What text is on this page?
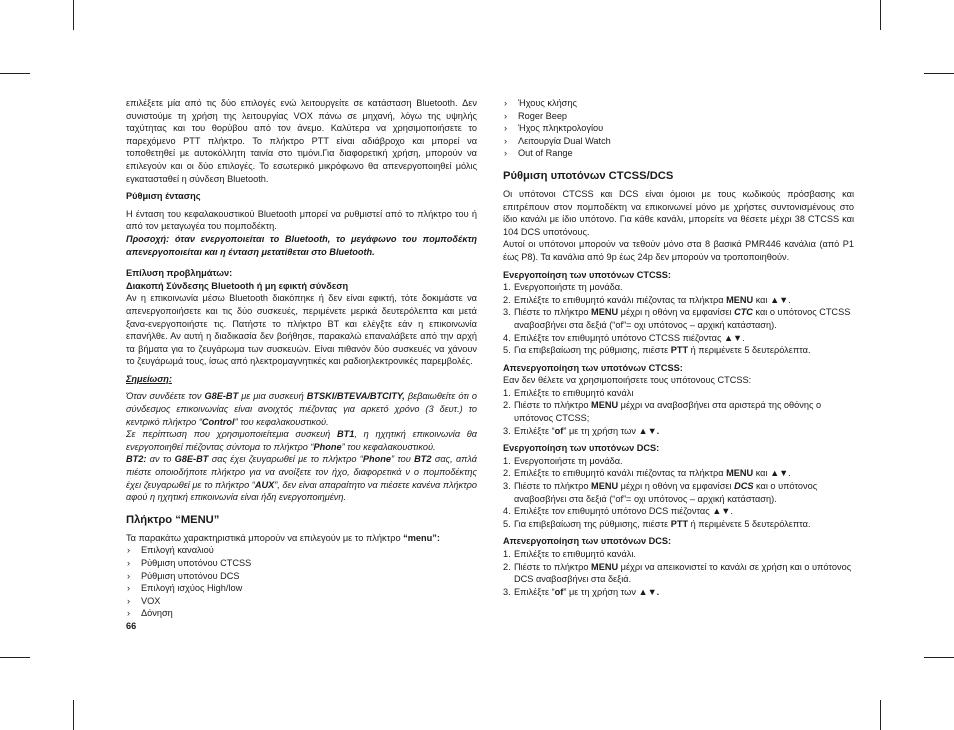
επιλέξετε μία από τις δύο επιλογές ενώ λειτουργείτε σε κατάσταση Bluetooth. Δεν συνιστούμε τη χρήση της λειτουργίας VOX πάνω σε μηχανή, λόγω της υψηλής ταχύτητας και του θορύβου από τον άνεμο. Καλύτερα να χρησιμοποιήσετε το παρεχόμενο PTT πλήκτρο. Το πλήκτρο PTT είναι αδιάβροχο και μπορεί να τοποθετηθεί με αυτοκόλλητη ταινία στο τιμόνι.Για διαφορετική χρήση, μπορούν να επιλεγούν και οι δύο επιλογές. Το εσωτερικό μικρόφωνο θα απενεργοποιηθεί μόλις εγκατασταθεί η σύνδεση Bluetooth.

Ρύθμιση έντασης

Η ένταση του κεφαλακουστικού Bluetooth μπορεί να ρυθμιστεί από το πλήκτρο του ή από τον μεταγωγέα του πομποδέκτη.

Προσοχή: όταν ενεργοποιείται το Bluetooth, το μεγάφωνο του πομποδέκτη απενεργοποιείται και η ένταση μετατίθεται στο Bluetooth.

Επίλυση προβλημάτων:

Διακοπή Σύνδεσης Bluetooth ή μη εφικτή σύνδεση

Αν η επικοινωνία μέσω Bluetooth διακόπηκε ή δεν είναι εφικτή, τότε δοκιμάστε να απενεργοποιήσετε και τις δύο συσκευές, περιμένετε μερικά δευτερόλεπτα και μετά ξανα-ενεργοποιήστε τις. Πατήστε το πλήκτρο BT και ελέγξτε εάν η επικοινωνία επανήλθε. Αν αυτή η διαδικασία δεν βοήθησε, παρακαλώ επαναλάβετε από την αρχή τα βήματα για το ζευγάρωμα των συσκευών. Είναι πιθανόν δύο συσκευές να χάνουν το ζευγάρωμά τους, ίσως από ηλεκτρομαγνητικές και ραδιοηλεκτρονικές παρεμβολές.

Σημείωση:

Όταν συνδέετε τον G8E-BT με μια συσκευή BTSKI/BTEVA/BTCITY, βεβαιωθείτε ότι ο σύνδεσμος επικοινωνίας είναι ανοιχτός πιέζοντας για αρκετό χρόνο (3 δευτ.) το κεντρικό πλήκτρο “Control” του κεφαλακουστικού.

Σε περίπτωση που χρησιμοποιείτεμια συσκευή BT1, η ηχητική επικοινωνία θα ενεργοποιηθεί πιέζοντας σύντομα το πλήκτρο “Phone” του κεφαλακουστικού.

BT2: αν το G8E-BT σας έχει ζευγαρωθεί με το πλήκτρο “Phone” του BT2 σας, απλά πιέστε οποιοδήποτε πλήκτρο για να ανοίξετε τον ήχο, διαφορετικά ν ο πομποδέκτης έχει ζευγαρωθεί με το πλήκτρο “AUX”, δεν είναι απαραίτητο να πιέσετε κανένα πλήκτρο αφού η ηχητική επικοινωνία είναι ήδη ενεργοποιημένη.

Πλήκτρο “MENU”

Τα παρακάτω χαρακτηριστικά μπορούν να επιλεγούν με το πλήκτρο “menu”:

› Επιλογή καναλιού
› Ρύθμιση υποτόνου CTCSS
› Ρύθμιση υποτόνου DCS
› Επιλογή ισχύος High/low
› VOX
› Δόνηση

66

› Ήχους κλήσης
› Roger Beep
› Ήχος πληκτρολογίου
› Λειτουργία Dual Watch
› Out of Range

Ρύθμιση υποτόνων CTCSS/DCS

Οι υπότονοι CTCSS και DCS είναι όμοιοι με τους κωδικούς πρόσβασης και επιτρέπουν στον πομποδέκτη να επικοινωνεί μόνο με χρήστες συντονισμένους στο ίδιο κανάλι με ίδιο υπότονο. Για κάθε κανάλι, μπορείτε να θέσετε μέχρι 38 CTCSS και 104 DCS υποτόνους.

Αυτοί οι υπότονοι μπορούν να τεθούν μόνο στα 8 βασικά PMR446 κανάλια (από P1 έως P8). Τα κανάλια από 9p έως 24p δεν μπορούν να τροποποιηθούν.

Ενεργοποίηση των υποτόνων CTCSS:

1. Ενεργοποιήστε τη μονάδα.
2. Επιλέξτε το επιθυμητό κανάλι πιέζοντας τα πλήκτρα MENU και ▲▼.
3. Πιέστε το πλήκτρο MENU μέχρι η οθόνη να εμφανίσει CTC και ο υπότονος CTCSS αναβοσβήνει στα δεξιά (“of”= οχι υπότονος – αρχική κατάσταση).
4. Επιλέξτε τον επιθυμητό υπότονο CTCSS πιέζοντας ▲▼.
5. Για επιβεβαίωση της ρύθμισης, πιέστε PTT ή περιμένετε 5 δευτερόλεπτα.

Απενεργοποίηση των υποτόνων CTCSS:

Εαν δεν θέλετε να χρησιμοποιήσετε τους υπότονους CTCSS:

1. Επιλέξτε το επιθυμητό κανάλι
2. Πιέστε το πλήκτρο MENU μέχρι να αναβοσβήνει στα αριστερά της οθόνης ο υπότονος CTCSS;
3. Επιλέξτε “of” με τη χρήση των ▲▼.

Ενεργοποίηση των υποτόνων DCS:

1. Ενεργοποιήστε τη μονάδα.
2. Επιλέξτε το επιθυμητό κανάλι πιέζοντας τα πλήκτρα MENU και ▲▼.
3. Πιέστε το πλήκτρο MENU μέχρι η οθόνη να εμφανίσει DCS και ο υπότονος αναβοσβήνει στα δεξιά (“of”= οχι υπότονος – αρχική κατάσταση).
4. Επιλέξτε τον επιθυμητό υπότονο DCS πιέζοντας ▲▼.
5. Για επιβεβαίωση της ρύθμισης, πιέστε PTT ή περιμένετε 5 δευτερόλεπτα.

Απενεργοποίηση των υποτόνων DCS:

1. Επιλέξτε το επιθυμητό κανάλι.
2. Πιέστε το πλήκτρο MENU μέχρι να απεικονιστεί το κανάλι σε χρήση και ο υπότονος DCS αναβοσβήνει στα δεξιά.
3. Επιλέξτε “of” με τη χρήση των ▲▼.
